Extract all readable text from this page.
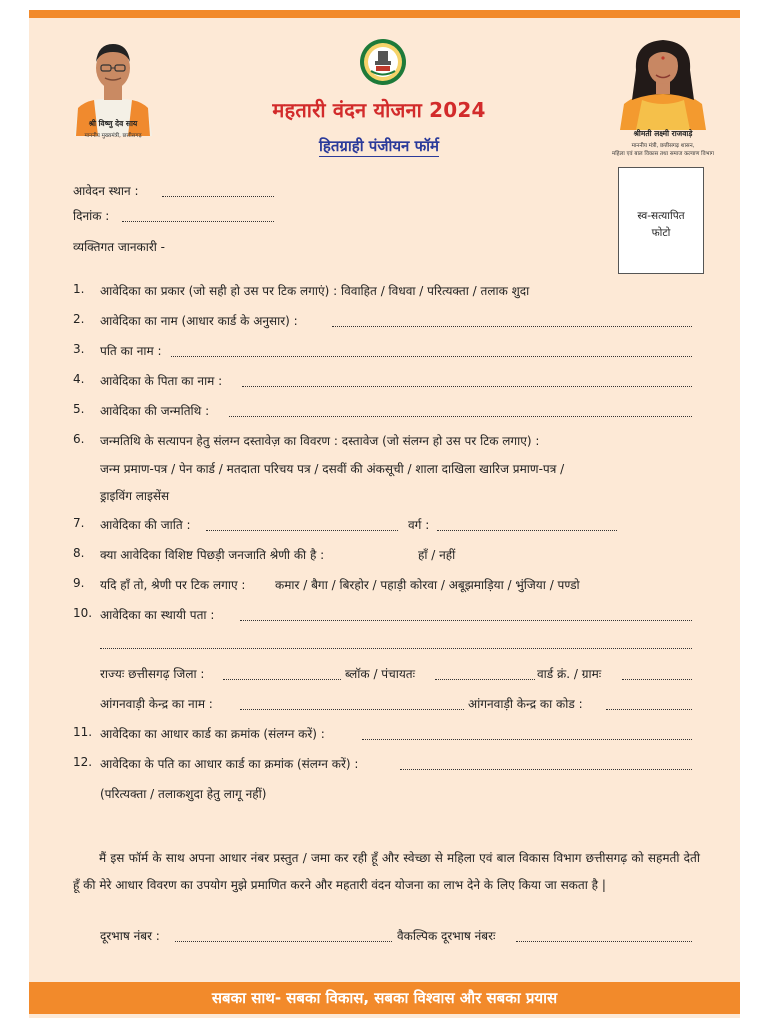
श्री विष्णु देव साय
माननीय मुख्यमंत्री, छत्तीसगढ़
महतारी वंदन योजना 2024
हितग्राही पंजीयन फॉर्म
श्रीमती लक्ष्मी राजवाड़े
माननीय मंत्री, छत्तीसगढ़ शासन,
महिला एवं बाल विकास तथा समाज कल्याण विभाग
स्व-सत्यापित
फोटो
आवेदन स्थान :
दिनांक :
व्यक्तिगत जानकारी -
1. आवेदिका का प्रकार (जो सही हो उस पर टिक लगाएं) : विवाहित / विधवा / परित्यक्ता / तलाक शुदा
2. आवेदिका का नाम (आधार कार्ड के अनुसार) :
3. पति का नाम :
4. आवेदिका के पिता का नाम :
5. आवेदिका की जन्मतिथि :
6. जन्मतिथि के सत्यापन हेतु संलग्न दस्तावेज़ का विवरण : दस्तावेज (जो संलग्न हो उस पर टिक लगाए) :
जन्म प्रमाण-पत्र / पेन कार्ड / मतदाता परिचय पत्र / दसवीं की अंकसूची / शाला दाखिला खारिज प्रमाण-पत्र /
ड्राइविंग लाइसेंस
7. आवेदिका की जाति :	वर्ग :
8. क्या आवेदिका विशिष्ट पिछड़ी जनजाति श्रेणी की है :	हाँ / नहीं
9. यदि हाँ तो, श्रेणी पर टिक लगाए : कमार / बैगा / बिरहोर / पहाड़ी कोरवा / अबूझमाड़िया / भुंजिया / पण्डो
10. आवेदिका का स्थायी पता :
राज्यः छत्तीसगढ़ जिला :	ब्लॉक / पंचायतः	वार्ड क्रं. / ग्रामः
आंगनवाड़ी केन्द्र का नाम :	आंगनवाड़ी केन्द्र का कोड :
11. आवेदिका का आधार कार्ड का क्रमांक (संलग्न करें) :
12. आवेदिका के पति का आधार कार्ड का क्रमांक (संलग्न करें) :
(परित्यक्ता / तलाकशुदा हेतु लागू नहीं)
मैं इस फॉर्म के साथ अपना आधार नंबर प्रस्तुत / जमा कर रही हूँ और स्वेच्छा से महिला एवं बाल विकास विभाग छत्तीसगढ़ को सहमती देती हूँ की मेरे आधार विवरण का उपयोग मुझे प्रमाणित करने और महतारी वंदन योजना का लाभ देने के लिए किया जा सकता है |
दूरभाष नंबर :	वैकल्पिक दूरभाष नंबरः
सबका साथ- सबका विकास, सबका विश्वास और सबका प्रयास
